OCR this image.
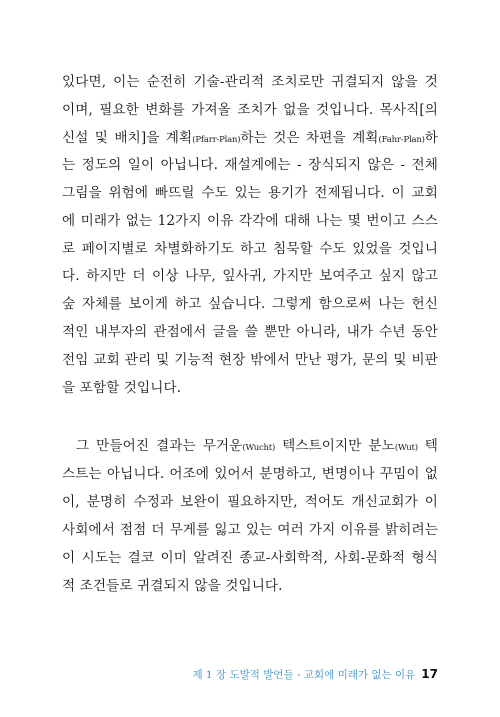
있다면, 이는 순전히 기술-관리적 조치로만 귀결되지 않을 것
이며, 필요한 변화를 가져올 조치가 없을 것입니다. 목사직[의
신설 및 배치]을 계획(Pfarr-Plan)하는 것은 차편을 계획(Fahr-Plan)하
는 정도의 일이 아닙니다. 재설계에는 - 장식되지 않은 - 전체
그림을 위험에 빠뜨릴 수도 있는 용기가 전제됩니다. 이 교회
에 미래가 없는 12가지 이유 각각에 대해 나는 몇 번이고 스스
로 페이지별로 차별화하기도 하고 침묵할 수도 있었을 것입니
다. 하지만 더 이상 나무, 잎사귀, 가지만 보여주고 싶지 않고
숲 자체를 보이게 하고 싶습니다. 그렇게 함으로써 나는 헌신
적인 내부자의 관점에서 글을 쓸 뿐만 아니라, 내가 수년 동안
전임 교회 관리 및 기능적 현장 밖에서 만난 평가, 문의 및 비판
을 포함할 것입니다.
그 만들어진 결과는 무거운(Wucht) 텍스트이지만 분노(Wut) 텍
스트는 아닙니다. 어조에 있어서 분명하고, 변명이나 꾸밈이 없
이, 분명히 수정과 보완이 필요하지만, 적어도 개신교회가 이
사회에서 점점 더 무게를 잃고 있는 여러 가지 이유를 밝히려는
이 시도는 결코 이미 알려진 종교-사회학적, 사회-문화적 형식
적 조건들로 귀결되지 않을 것입니다.
제 1 장 도발적 발언들 - 교회에 미래가 없는 이유 17
